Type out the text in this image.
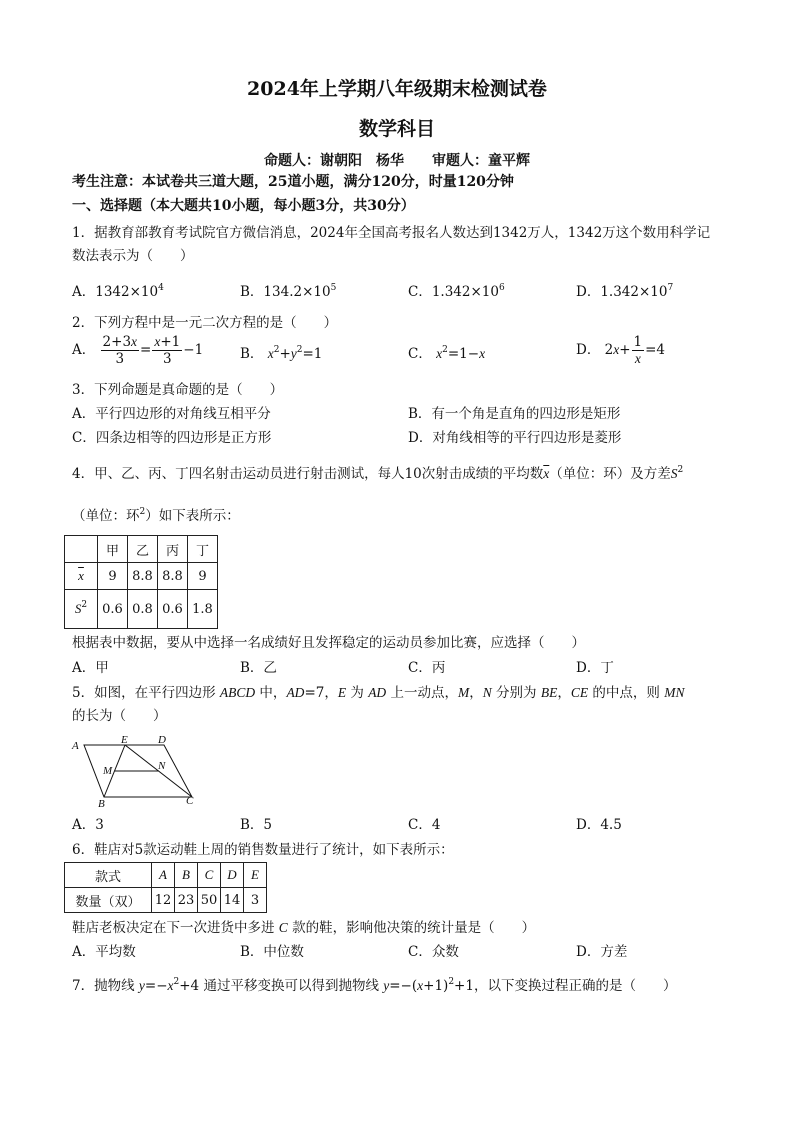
2024年上学期八年级期末检测试卷
数学科目
命题人：谢朝阳　杨华　　审题人：童平辉
考生注意：本试卷共三道大题，25道小题，满分120分，时量120分钟
一、选择题（本大题共10小题，每小题3分，共30分）
1．据教育部教育考试院官方微信消息，2024年全国高考报名人数达到1342万人，1342万这个数用科学记
数法表示为（　　）
A．$1342\times 10^4$	B．$134.2\times 10^5$	C．$1.342\times 10^6$	D．$1.342\times 10^7$
2．下列方程中是一元二次方程的是（　　）
A． $\frac{2+3x}{3} = \frac{x+1}{3} -1$	B． $x^2+y^2=1$	C． $x^2=1-x$	D． $2x+ \frac{1}{x} =4$
3．下列命题是真命题的是（　　）
A．平行四边形的对角线互相平分	B．有一个角是直角的四边形是矩形
C．四条边相等的四边形是正方形	D．对角线相等的平行四边形是菱形
4．甲、乙、丙、丁四名射击运动员进行射击测试，每人10次射击成绩的平均数$\overline{x}$（单位：环）及方差$S^2$
（单位：环$^2$）如下表所示：
	甲	乙	丙	丁
$\overline{x}$	9	8.8	8.8	9
$S^2$	0.6	0.8	0.6	1.8
根据表中数据，要从中选择一名成绩好且发挥稳定的运动员参加比赛，应选择（　　）
A．甲	B．乙	C．丙	D．丁
5．如图，在平行四边形 ABCD 中，AD=7，E 为 AD 上一动点，M，N 分别为 BE，CE 的中点，则 MN
的长为（　　）
A	E	D
M	N
B	C
A．3	B．5	C．4	D．4.5
6．鞋店对5款运动鞋上周的销售数量进行了统计，如下表所示：
款式	A	B	C	D	E
数量（双）	12	23	50	14	3
鞋店老板决定在下一次进货中多进 C 款的鞋，影响他决策的统计量是（　　）
A．平均数	B．中位数	C．众数	D．方差
7．抛物线 $y=-x^2+4$ 通过平移变换可以得到抛物线 $y=-(x+1)^2+1$，以下变换过程正确的是（　　）
